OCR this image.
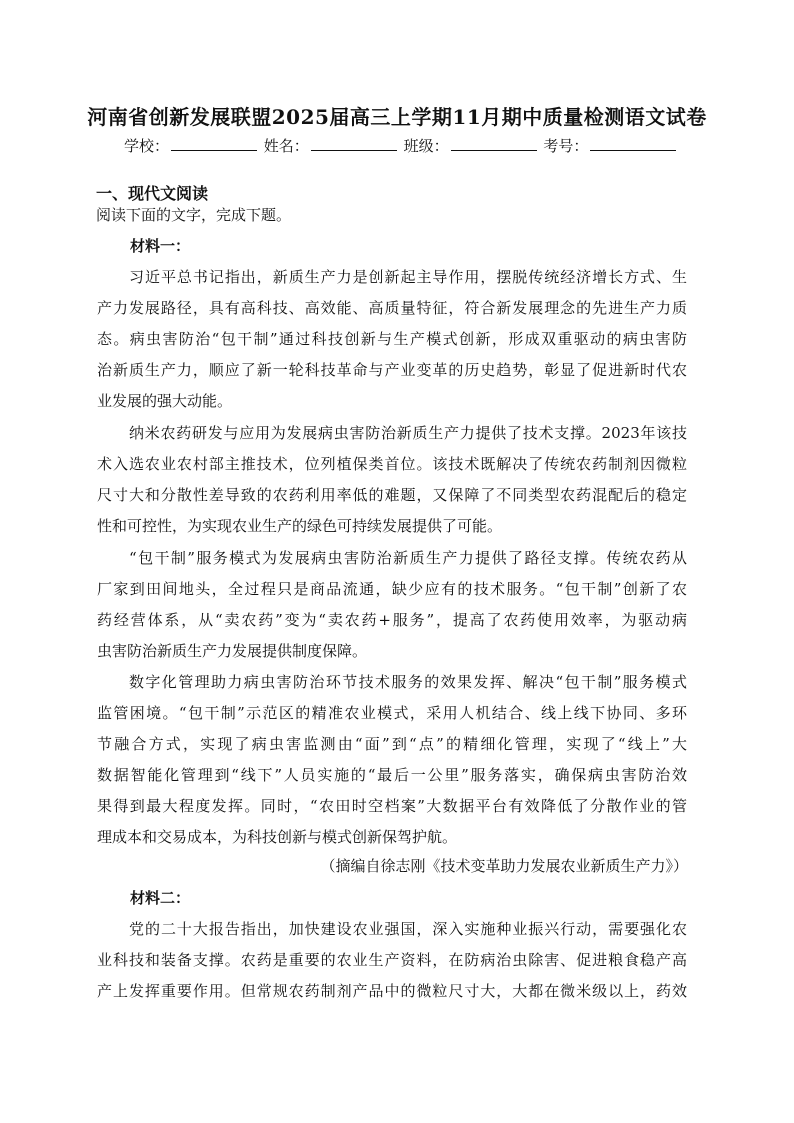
河南省创新发展联盟2025届高三上学期11月期中质量检测语文试卷
学校：	姓名：	班级：	考号：
一、现代文阅读
阅读下面的文字，完成下题。
材料一：
习近平总书记指出，新质生产力是创新起主导作用，摆脱传统经济增长方式、生
产力发展路径，具有高科技、高效能、高质量特征，符合新发展理念的先进生产力质
态。病虫害防治“包干制”通过科技创新与生产模式创新，形成双重驱动的病虫害防
治新质生产力，顺应了新一轮科技革命与产业变革的历史趋势，彰显了促进新时代农
业发展的强大动能。
纳米农药研发与应用为发展病虫害防治新质生产力提供了技术支撑。2023年该技
术入选农业农村部主推技术，位列植保类首位。该技术既解决了传统农药制剂因微粒
尺寸大和分散性差导致的农药利用率低的难题，又保障了不同类型农药混配后的稳定
性和可控性，为实现农业生产的绿色可持续发展提供了可能。
“包干制”服务模式为发展病虫害防治新质生产力提供了路径支撑。传统农药从
厂家到田间地头，全过程只是商品流通，缺少应有的技术服务。“包干制”创新了农
药经营体系，从“卖农药”变为“卖农药+服务”，提高了农药使用效率，为驱动病
虫害防治新质生产力发展提供制度保障。
数字化管理助力病虫害防治环节技术服务的效果发挥、解决“包干制”服务模式
监管困境。“包干制”示范区的精准农业模式，采用人机结合、线上线下协同、多环
节融合方式，实现了病虫害监测由“面”到“点”的精细化管理，实现了“线上”大
数据智能化管理到“线下”人员实施的“最后一公里”服务落实，确保病虫害防治效
果得到最大程度发挥。同时，“农田时空档案”大数据平台有效降低了分散作业的管
理成本和交易成本，为科技创新与模式创新保驾护航。
（摘编自徐志刚《技术变革助力发展农业新质生产力》）
材料二：
党的二十大报告指出，加快建设农业强国，深入实施种业振兴行动，需要强化农
业科技和装备支撑。农药是重要的农业生产资料，在防病治虫除害、促进粮食稳产高
产上发挥重要作用。但常规农药制剂产品中的微粒尺寸大，大都在微米级以上，药效
